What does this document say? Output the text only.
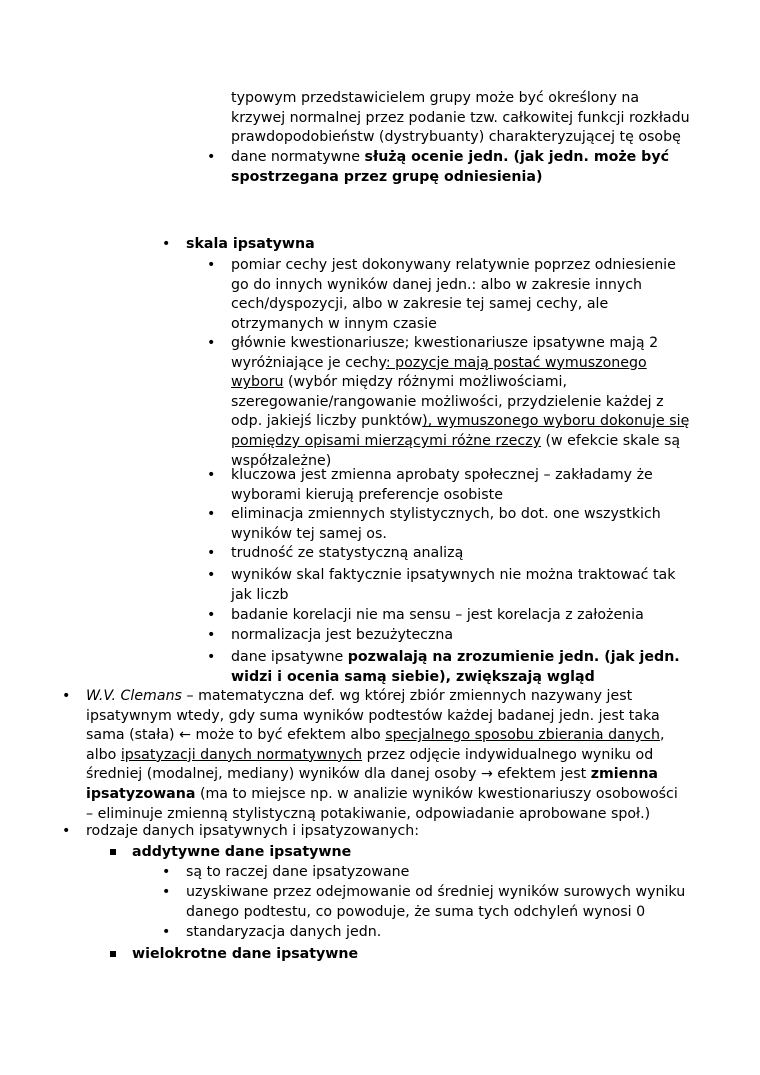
typowym przedstawicielem grupy może być określony na
krzywej normalnej przez podanie tzw. całkowitej funkcji rozkładu
prawdopodobieństw (dystrybuanty) charakteryzującej tę osobę
• dane normatywne służą ocenie jedn. (jak jedn. może być
spostrzegana przez grupę odniesienia)
• skala ipsatywna
• pomiar cechy jest dokonywany relatywnie poprzez odniesienie
go do innych wyników danej jedn.: albo w zakresie innych
cech/dyspozycji, albo w zakresie tej samej cechy, ale
otrzymanych w innym czasie
• głównie kwestionariusze; kwestionariusze ipsatywne mają 2
wyróżniające je cechy: pozycje mają postać wymuszonego
wyboru (wybór między różnymi możliwościami,
szeregowanie/rangowanie możliwości, przydzielenie każdej z
odp. jakiejś liczby punktów), wymuszonego wyboru dokonuje się
pomiędzy opisami mierzącymi różne rzeczy (w efekcie skale są
współzależne)
• kluczowa jest zmienna aprobaty społecznej – zakładamy że
wyborami kierują preferencje osobiste
• eliminacja zmiennych stylistycznych, bo dot. one wszystkich
wyników tej samej os.
• trudność ze statystyczną analizą
• wyników skal faktycznie ipsatywnych nie można traktować tak
jak liczb
• badanie korelacji nie ma sensu – jest korelacja z założenia
• normalizacja jest bezużyteczna
• dane ipsatywne pozwalają na zrozumienie jedn. (jak jedn.
widzi i ocenia samą siebie), zwiększają wgląd
• W.V. Clemans – matematyczna def. wg której zbiór zmiennych nazywany jest
ipsatywnym wtedy, gdy suma wyników podtestów każdej badanej jedn. jest taka
sama (stała) ← może to być efektem albo specjalnego sposobu zbierania danych,
albo ipsatyzacji danych normatywnych przez odjęcie indywidualnego wyniku od
średniej (modalnej, mediany) wyników dla danej osoby → efektem jest zmienna
ipsatyzowana (ma to miejsce np. w analizie wyników kwestionariuszy osobowości
– eliminuje zmienną stylistyczną potakiwanie, odpowiadanie aprobowane społ.)
• rodzaje danych ipsatywnych i ipsatyzowanych:
addytywne dane ipsatywne
• są to raczej dane ipsatyzowane
• uzyskiwane przez odejmowanie od średniej wyników surowych wyniku
danego podtestu, co powoduje, że suma tych odchyleń wynosi 0
• standaryzacja danych jedn.
wielokrotne dane ipsatywne
